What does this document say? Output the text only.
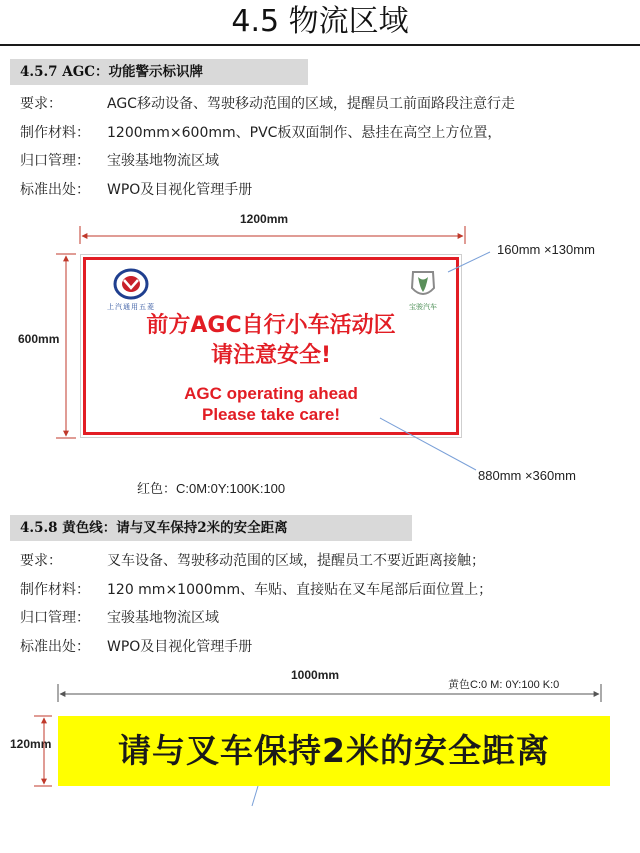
4.5 物流区域
4.5.7 AGC：功能警示标识牌
要求：	AGC移动设备、驾驶移动范围的区域，提醒员工前面路段注意行走
制作材料： 1200mm×600mm、PVC板双面制作、悬挂在高空上方位置，
归口管理： 宝骏基地物流区域
标准出处： WPO及目视化管理手册
1200mm
600mm
160mm ×130mm
880mm ×360mm
红色：C:0M:0Y:100K:100
上汽通用五菱	宝骏汽车
前方AGC自行小车活动区
请注意安全!
AGC operating ahead
Please take care!
4.5.8 黄色线：请与叉车保持2米的安全距离
要求：	叉车设备、驾驶移动范围的区域，提醒员工不要近距离接触；
制作材料： 120 mm×1000mm、车贴、直接贴在叉车尾部后面位置上；
归口管理： 宝骏基地物流区域
标准出处： WPO及目视化管理手册
1000mm
120mm
黄色C:0 M: 0Y:100 K:0
请与叉车保持2米的安全距离
